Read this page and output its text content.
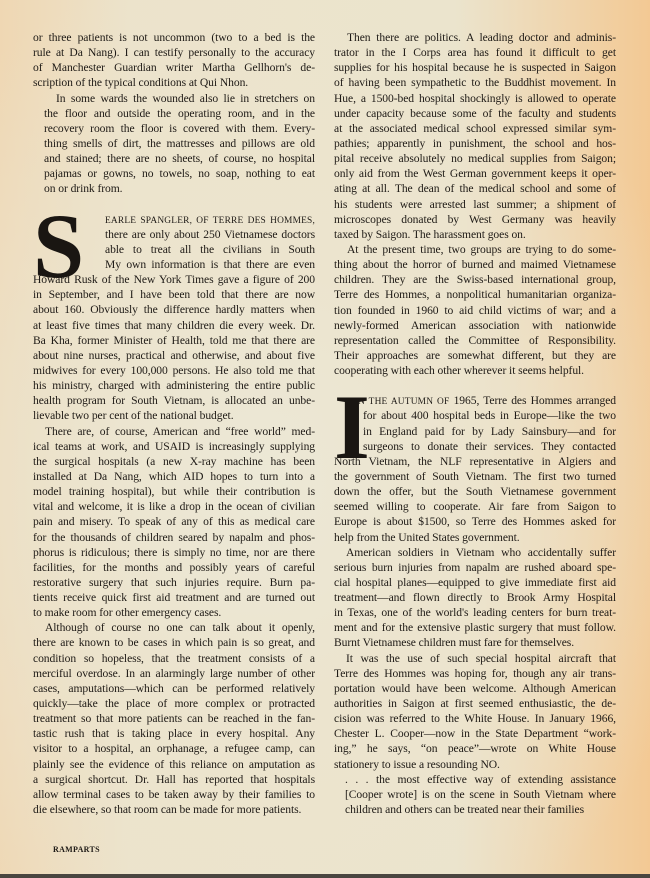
or three patients is not uncommon (two to a bed is the
rule at Da Nang). I can testify personally to the accuracy
of Manchester Guardian writer Martha Gellhorn's de-
scription of the typical conditions at Qui Nhon.
In some wards the wounded also lie in stretchers on
the floor and outside the operating room, and in the
recovery room the floor is covered with them. Every-
thing smells of dirt, the mattresses and pillows are old
and stained; there are no sheets, of course, no hospital
pajamas or gowns, no towels, no soap, nothing to eat
on or drink from.
S	EARLE SPANGLER, OF TERRE DES HOMMES,
there are only about 250 Vietnamese doctors
able to treat all the civilians in South
My own information is that there are even
Howard Rusk of the New York Times gave a figure of 200
in September, and I have been told that there are now
about 160. Obviously the difference hardly matters when
at least five times that many children die every week. Dr.
Ba Kha, former Minister of Health, told me that there are
about nine nurses, practical and otherwise, and about five
midwives for every 100,000 persons. He also told me that
his ministry, charged with administering the entire public
health program for South Vietnam, is allocated an unbe-
lievable two per cent of the national budget.
There are, of course, American and “free world” med-
ical teams at work, and USAID is increasingly supplying
the surgical hospitals (a new X-ray machine has been
installed at Da Nang, which AID hopes to turn into a
model training hospital), but while their contribution is
vital and welcome, it is like a drop in the ocean of civilian
pain and misery. To speak of any of this as medical care
for the thousands of children seared by napalm and phos-
phorus is ridiculous; there is simply no time, nor are there
facilities, for the months and possibly years of careful
restorative surgery that such injuries require. Burn pa-
tients receive quick first aid treatment and are turned out
to make room for other emergency cases.
Although of course no one can talk about it openly,
there are known to be cases in which pain is so great, and
condition so hopeless, that the treatment consists of a
merciful overdose. In an alarmingly large number of other
cases, amputations—which can be performed relatively
quickly—take the place of more complex or protracted
treatment so that more patients can be reached in the fan-
tastic rush that is taking place in every hospital. Any
visitor to a hospital, an orphanage, a refugee camp, can
plainly see the evidence of this reliance on amputation as
a surgical shortcut. Dr. Hall has reported that hospitals
allow terminal cases to be taken away by their families to
die elsewhere, so that room can be made for more patients.
Then there are politics. A leading doctor and adminis-
trator in the I Corps area has found it difficult to get
supplies for his hospital because he is suspected in Saigon
of having been sympathetic to the Buddhist movement. In
Hue, a 1500-bed hospital shockingly is allowed to operate
under capacity because some of the faculty and students
at the associated medical school expressed similar sym-
pathies; apparently in punishment, the school and hos-
pital receive absolutely no medical supplies from Saigon;
only aid from the West German government keeps it oper-
ating at all. The dean of the medical school and some of
his students were arrested last summer; a shipment of
microscopes donated by West Germany was heavily
taxed by Saigon. The harassment goes on.
At the present time, two groups are trying to do some-
thing about the horror of burned and maimed Vietnamese
children. They are the Swiss-based international group,
Terre des Hommes, a nonpolitical humanitarian organiza-
tion founded in 1960 to aid child victims of war; and a
newly-formed American association with nationwide
representation called the Committee of Responsibility.
Their approaches are somewhat different, but they are
cooperating with each other wherever it seems helpful.
I
N THE AUTUMN OF 1965, Terre des Hommes arranged
for about 400 hospital beds in Europe—like the two
in England paid for by Lady Sainsbury—and for
surgeons to donate their services. They contacted
North Vietnam, the NLF representative in Algiers and
the government of South Vietnam. The first two turned
down the offer, but the South Vietnamese government
seemed willing to cooperate. Air fare from Saigon to
Europe is about $1500, so Terre des Hommes asked for
help from the United States government.
American soldiers in Vietnam who accidentally suffer
serious burn injuries from napalm are rushed aboard spe-
cial hospital planes—equipped to give immediate first aid
treatment—and flown directly to Brook Army Hospital
in Texas, one of the world's leading centers for burn treat-
ment and for the extensive plastic surgery that must follow.
Burnt Vietnamese children must fare for themselves.
It was the use of such special hospital aircraft that
Terre des Hommes was hoping for, though any air trans-
portation would have been welcome. Although American
authorities in Saigon at first seemed enthusiastic, the de-
cision was referred to the White House. In January 1966,
Chester L. Cooper—now in the State Department “work-
ing,” he says, “on peace”—wrote on White House
stationery to issue a resounding NO.
. . . the most effective way of extending assistance
[Cooper wrote] is on the scene in South Vietnam where
children and others can be treated near their families
RAMPARTS
